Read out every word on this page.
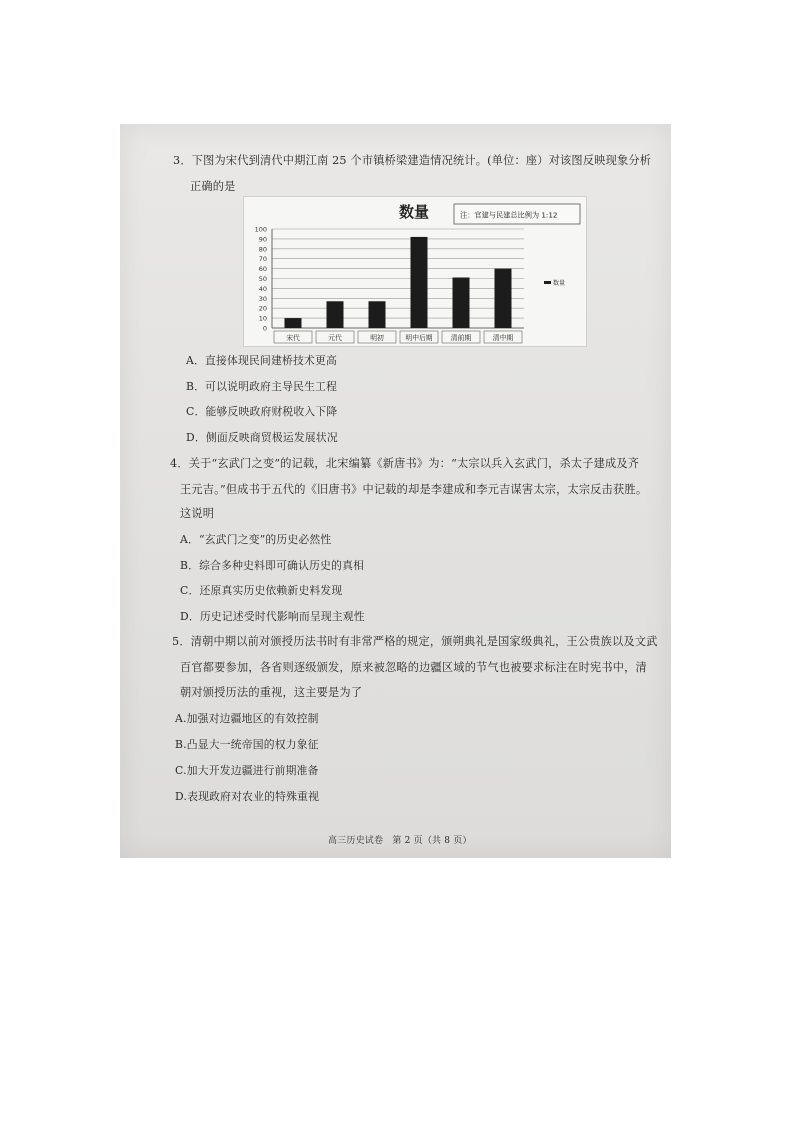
3．下图为宋代到清代中期江南 25 个市镇桥梁建造情况统计。(单位：座）对该图反映现象分析
正确的是
数量	注：官建与民建总比例为 1:12
0
10
20
30
40
50
60
70
80
90
100
宋代	元代	明初	明中后期	清前期	清中期
数量
A．直接体现民间建桥技术更高
B．可以说明政府主导民生工程
C．能够反映政府财税收入下降
D．侧面反映商贸极运发展状况
4．关于“玄武门之变”的记载，北宋编纂《新唐书》为：“太宗以兵入玄武门，杀太子建成及齐
王元吉。”但成书于五代的《旧唐书》中记载的却是李建成和李元吉谋害太宗，太宗反击获胜。
这说明
A．“玄武门之变”的历史必然性
B．综合多种史料即可确认历史的真相
C．还原真实历史依赖新史料发现
D．历史记述受时代影响而呈现主观性
5．清朝中期以前对颁授历法书时有非常严格的规定，颁朔典礼是国家级典礼，王公贵族以及文武
百官都要参加，各省则逐级颁发，原来被忽略的边疆区域的节气也被要求标注在时宪书中，清
朝对颁授历法的重视，这主要是为了
A.加强对边疆地区的有效控制
B.凸显大一统帝国的权力象征
C.加大开发边疆进行前期准备
D.表现政府对农业的特殊重视
高三历史试卷　第 2 页（共 8 页）
